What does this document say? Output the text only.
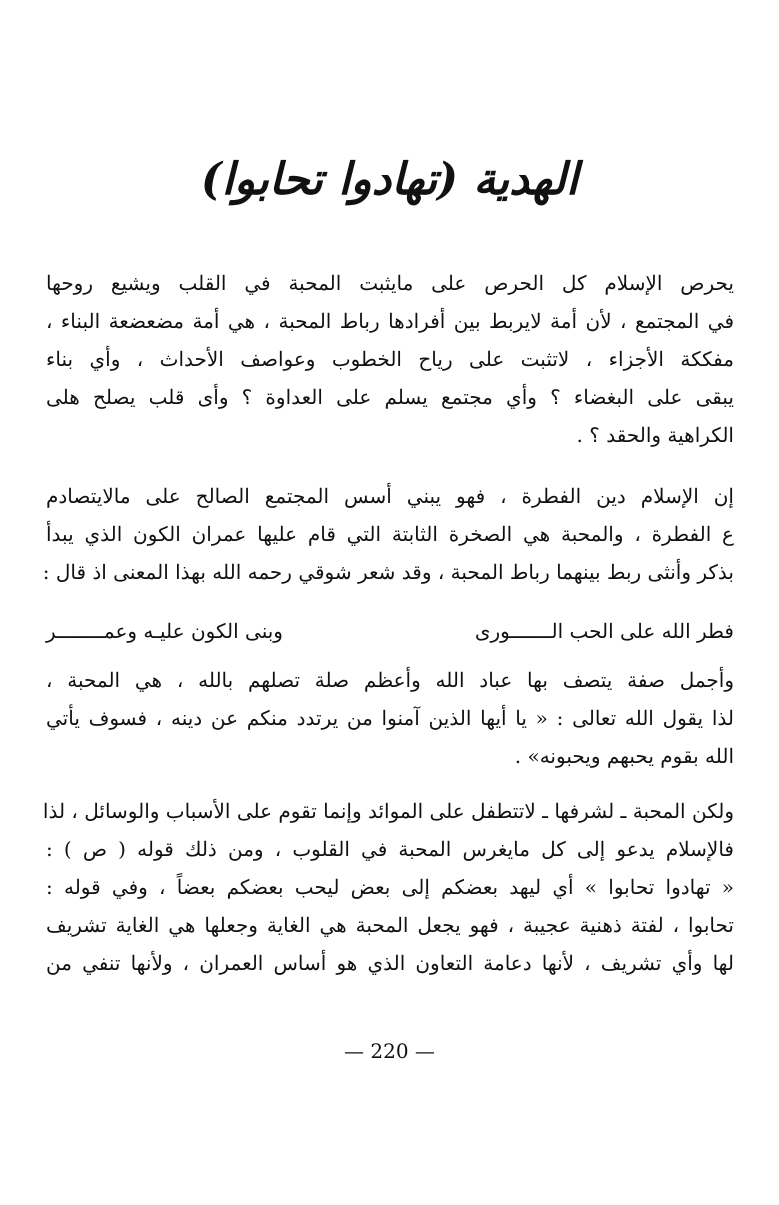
الهدية (تهادوا تحابوا)
يحرص الإسلام كل الحرص على مايثبت المحبة في القلب ويشيع روحها
في المجتمع ، لأن أمة لايربط بين أفرادها رباط المحبة ، هي أمة مضعضعة البناء ،
مفككة الأجزاء ، لاتثبت على رياح الخطوب وعواصف الأحداث ، وأي بناء
يبقى على البغضاء ؟ وأي مجتمع يسلم على العداوة ؟ وأى قلب يصلح هلى
الكراهية والحقد ؟ .
إن الإسلام دين الفطرة ، فهو يبني أسس المجتمع الصالح على مالايتصادم
ع الفطرة ، والمحبة هي الصخرة الثابتة التي قام عليها عمران الكون الذي يبدأ
بذكر وأنثى ربط بينهما رباط المحبة ، وقد شعر شوقي رحمه الله بهذا المعنى اذ قال :
فطر الله على الحب الـــــــورى
وبنى الكون عليـه وعمــــــــر
وأجمل صفة يتصف بها عباد الله وأعظم صلة تصلهم بالله ، هي المحبة ،
لذا يقول الله تعالى : « يا أيها الذين آمنوا من يرتدد منكم عن دينه ، فسوف يأتي
الله بقوم يحبهم ويحبونه» .
ولكن المحبة ـ لشرفها ـ لاتتطفل على الموائد وإنما تقوم على الأسباب والوسائل ، لذا
فالإسلام يدعو إلى كل مايغرس المحبة في القلوب ، ومن ذلك قوله ( ص ) :
« تهادوا تحابوا » أي ليهد بعضكم إلى بعض ليحب بعضكم بعضاً ، وفي قوله :
تحابوا ، لفتة ذهنية عجيبة ، فهو يجعل المحبة هي الغاية وجعلها هي الغاية تشريف
لها وأي تشريف ، لأنها دعامة التعاون الذي هو أساس العمران ، ولأنها تنفي من
— 220 —
